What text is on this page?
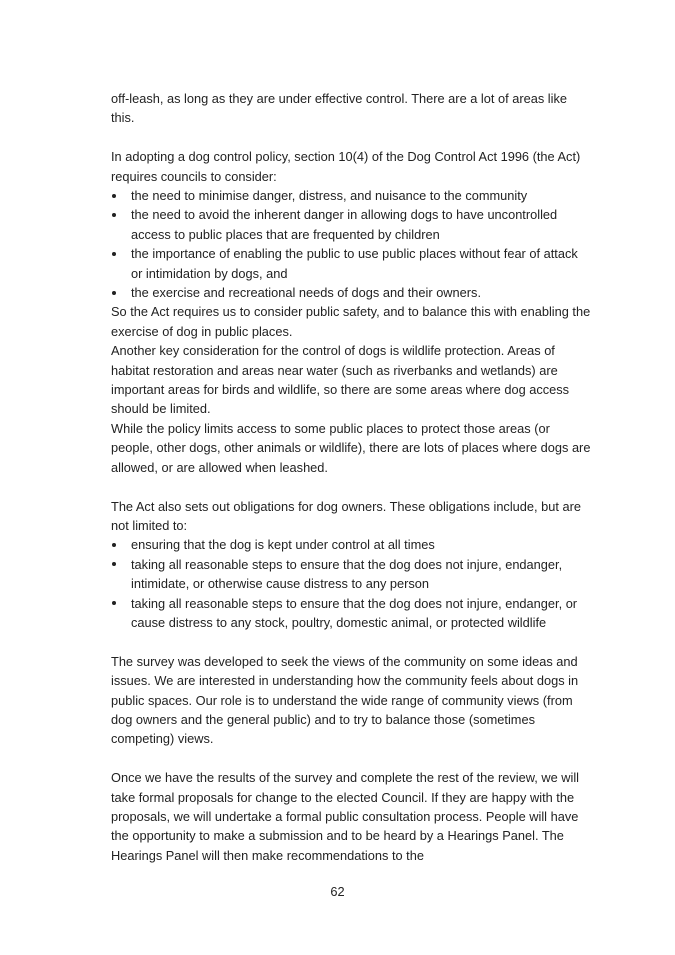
off-leash, as long as they are under effective control. There are a lot of areas like this.

In adopting a dog control policy, section 10(4) of the Dog Control Act 1996 (the Act) requires councils to consider:

the need to minimise danger, distress, and nuisance to the community
the need to avoid the inherent danger in allowing dogs to have uncontrolled access to public places that are frequented by children
the importance of enabling the public to use public places without fear of attack or intimidation by dogs, and
the exercise and recreational needs of dogs and their owners.

So the Act requires us to consider public safety, and to balance this with enabling the exercise of dog in public places.

Another key consideration for the control of dogs is wildlife protection. Areas of habitat restoration and areas near water (such as riverbanks and wetlands) are important areas for birds and wildlife, so there are some areas where dog access should be limited.

While the policy limits access to some public places to protect those areas (or people, other dogs, other animals or wildlife), there are lots of places where dogs are allowed, or are allowed when leashed.

The Act also sets out obligations for dog owners. These obligations include, but are not limited to:

ensuring that the dog is kept under control at all times
taking all reasonable steps to ensure that the dog does not injure, endanger, intimidate, or otherwise cause distress to any person
taking all reasonable steps to ensure that the dog does not injure, endanger, or cause distress to any stock, poultry, domestic animal, or protected wildlife

The survey was developed to seek the views of the community on some ideas and issues. We are interested in understanding how the community feels about dogs in public spaces. Our role is to understand the wide range of community views (from dog owners and the general public) and to try to balance those (sometimes competing) views.

Once we have the results of the survey and complete the rest of the review, we will take formal proposals for change to the elected Council. If they are happy with the proposals, we will undertake a formal public consultation process. People will have the opportunity to make a submission and to be heard by a Hearings Panel. The Hearings Panel will then make recommendations to the

62
